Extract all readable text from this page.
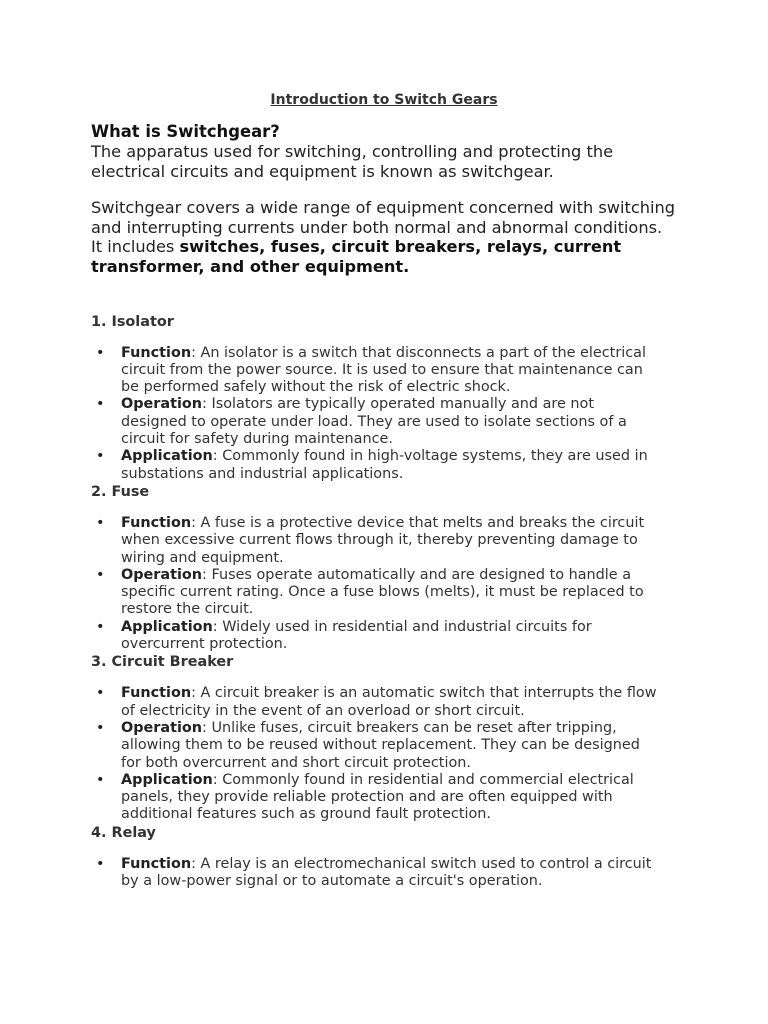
Introduction to Switch Gears
What is Switchgear?

The apparatus used for switching, controlling and protecting the electrical circuits and equipment is known as switchgear.

Switchgear covers a wide range of equipment concerned with switching and interrupting currents under both normal and abnormal conditions.
It includes switches, fuses, circuit breakers, relays, current transformer, and other equipment.

1. Isolator
• Function: An isolator is a switch that disconnects a part of the electrical circuit from the power source. It is used to ensure that maintenance can be performed safely without the risk of electric shock.
• Operation: Isolators are typically operated manually and are not designed to operate under load. They are used to isolate sections of a circuit for safety during maintenance.
• Application: Commonly found in high-voltage systems, they are used in substations and industrial applications.
2. Fuse
• Function: A fuse is a protective device that melts and breaks the circuit when excessive current flows through it, thereby preventing damage to wiring and equipment.
• Operation: Fuses operate automatically and are designed to handle a specific current rating. Once a fuse blows (melts), it must be replaced to restore the circuit.
• Application: Widely used in residential and industrial circuits for overcurrent protection.
3. Circuit Breaker
• Function: A circuit breaker is an automatic switch that interrupts the flow of electricity in the event of an overload or short circuit.
• Operation: Unlike fuses, circuit breakers can be reset after tripping, allowing them to be reused without replacement. They can be designed for both overcurrent and short circuit protection.
• Application: Commonly found in residential and commercial electrical panels, they provide reliable protection and are often equipped with additional features such as ground fault protection.
4. Relay
• Function: A relay is an electromechanical switch used to control a circuit by a low-power signal or to automate a circuit's operation.
